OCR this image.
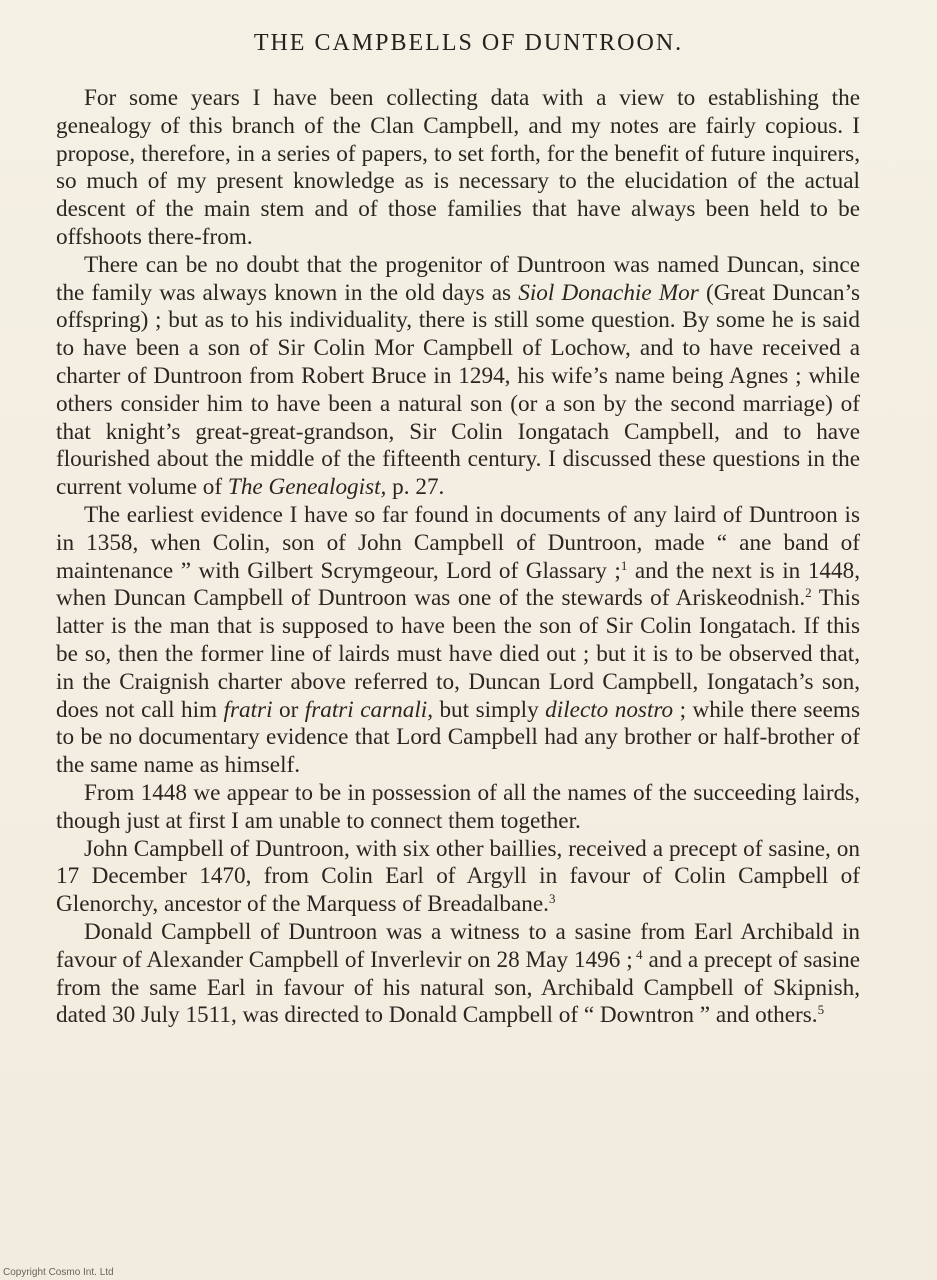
THE CAMPBELLS OF DUNTROON.

For some years I have been collecting data with a view to establishing the genealogy of this branch of the Clan Campbell, and my notes are fairly copious. I propose, therefore, in a series of papers, to set forth, for the benefit of future inquirers, so much of my present knowledge as is necessary to the elucidation of the actual descent of the main stem and of those families that have always been held to be offshoots there-from.

There can be no doubt that the progenitor of Duntroon was named Duncan, since the family was always known in the old days as Siol Donachie Mor (Great Duncan’s offspring) ; but as to his individuality, there is still some question. By some he is said to have been a son of Sir Colin Mor Campbell of Lochow, and to have received a charter of Duntroon from Robert Bruce in 1294, his wife’s name being Agnes ; while others consider him to have been a natural son (or a son by the second marriage) of that knight’s great-great-grandson, Sir Colin Iongatach Campbell, and to have flourished about the middle of the fifteenth century. I discussed these questions in the current volume of The Genealogist, p. 27.

The earliest evidence I have so far found in documents of any laird of Duntroon is in 1358, when Colin, son of John Campbell of Duntroon, made “ ane band of maintenance ” with Gilbert Scrymgeour, Lord of Glassary ;$^1$ and the next is in 1448, when Duncan Campbell of Duntroon was one of the stewards of Ariskeodnish.$^2$ This latter is the man that is supposed to have been the son of Sir Colin Iongatach. If this be so, then the former line of lairds must have died out ; but it is to be observed that, in the Craignish charter above referred to, Duncan Lord Campbell, Iongatach’s son, does not call him fratri or fratri carnali, but simply dilecto nostro ; while there seems to be no documentary evidence that Lord Campbell had any brother or half-brother of the same name as himself.

From 1448 we appear to be in possession of all the names of the succeeding lairds, though just at first I am unable to connect them together.

John Campbell of Duntroon, with six other baillies, received a precept of sasine, on 17 December 1470, from Colin Earl of Argyll in favour of Colin Campbell of Glenorchy, ancestor of the Marquess of Breadalbane.$^3$

Donald Campbell of Duntroon was a witness to a sasine from Earl Archibald in favour of Alexander Campbell of Inverlevir on 28 May 1496 ; $^4$ and a precept of sasine from the same Earl in favour of his natural son, Archibald Campbell of Skipnish, dated 30 July 1511, was directed to Donald Campbell of “ Downtron ” and others.$^5$

Copyright Cosmo Int. Ltd
